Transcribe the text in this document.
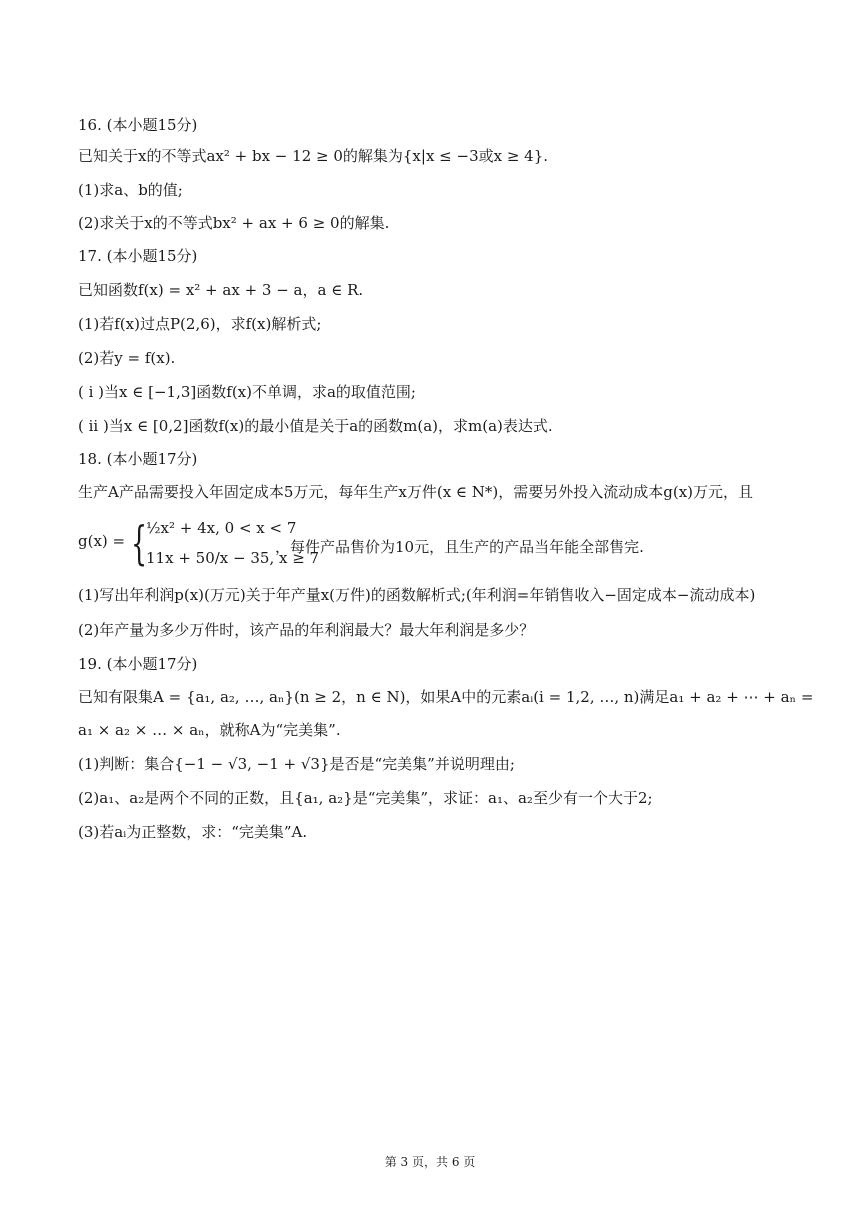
16. (本小题15分)
已知关于x的不等式ax² + bx − 12 ≥ 0的解集为{x|x ≤ −3或x ≥ 4}.
(1)求a、b的值;
(2)求关于x的不等式bx² + ax + 6 ≥ 0的解集.
17. (本小题15分)
已知函数f(x) = x² + ax + 3 − a，a ∈ R.
(1)若f(x)过点P(2,6)，求f(x)解析式;
(2)若y = f(x).
( i )当x ∈ [−1,3]函数f(x)不单调，求a的取值范围;
( ii )当x ∈ [0,2]函数f(x)的最小值是关于a的函数m(a)，求m(a)表达式.
18. (本小题17分)
生产A产品需要投入年固定成本5万元，每年生产x万件(x ∈ N*)，需要另外投入流动成本g(x)万元，且
g(x) = {
½x² + 4x, 0 < x < 7
11x + 50/x − 35, x ≥ 7
，每件产品售价为10元，且生产的产品当年能全部售完.
(1)写出年利润p(x)(万元)关于年产量x(万件)的函数解析式;(年利润=年销售收入−固定成本−流动成本)
(2)年产量为多少万件时，该产品的年利润最大？最大年利润是多少？
19. (本小题17分)
已知有限集A = {a₁, a₂, …, aₙ}(n ≥ 2，n ∈ N)，如果A中的元素aᵢ(i = 1,2, …, n)满足a₁ + a₂ + ⋯ + aₙ =
a₁ × a₂ × … × aₙ，就称A为“完美集”.
(1)判断：集合{−1 − √3, −1 + √3}是否是“完美集”并说明理由;
(2)a₁、a₂是两个不同的正数，且{a₁, a₂}是“完美集”，求证：a₁、a₂至少有一个大于2;
(3)若aᵢ为正整数，求：“完美集”A.
第 3 页，共 6 页
